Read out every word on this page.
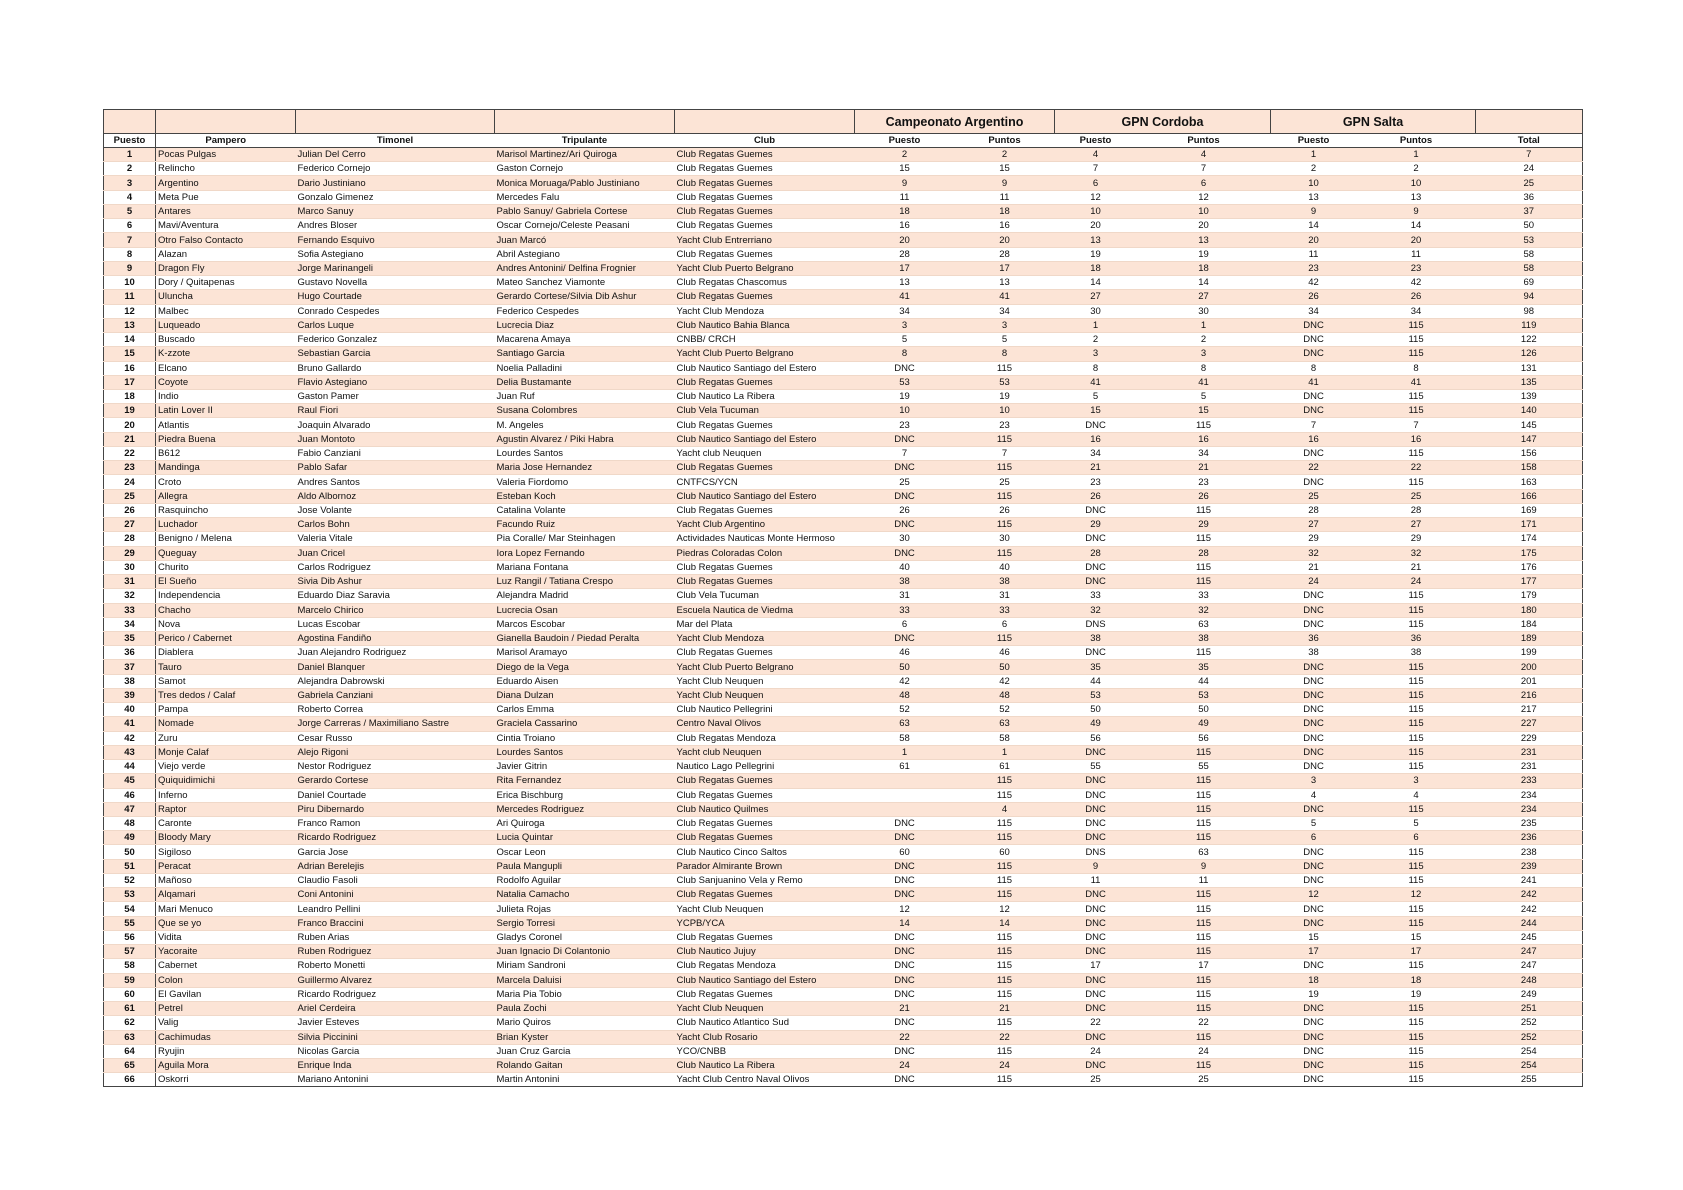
					Campeonato Argentino		GPN Cordoba		GPN Salta		
Puesto	Pampero	Timonel	Tripulante	Club	Puesto	Puntos	Puesto	Puntos	Puesto	Puntos	Total
1	Pocas Pulgas	Julian Del Cerro	Marisol Martinez/Ari Quiroga	Club Regatas Guemes	2	2	4	4	1	1	7
2	Relincho	Federico Cornejo	Gaston Cornejo	Club Regatas Guemes	15	15	7	7	2	2	24
3	Argentino	Dario Justiniano	Monica Moruaga/Pablo Justiniano	Club Regatas Guemes	9	9	6	6	10	10	25
4	Meta Pue	Gonzalo Gimenez	Mercedes Falu	Club Regatas Guemes	11	11	12	12	13	13	36
5	Antares	Marco Sanuy	Pablo Sanuy/ Gabriela Cortese	Club Regatas Guemes	18	18	10	10	9	9	37
6	Mavi/Aventura	Andres Bloser	Oscar Cornejo/Celeste Peasani	Club Regatas Guemes	16	16	20	20	14	14	50
7	Otro Falso Contacto	Fernando Esquivo	Juan Marcó	Yacht Club Entrerriano	20	20	13	13	20	20	53
8	Alazan	Sofia Astegiano	Abril Astegiano	Club Regatas Guemes	28	28	19	19	11	11	58
9	Dragon Fly	Jorge Marinangeli	Andres Antonini/ Delfina Frognier	Yacht Club Puerto Belgrano	17	17	18	18	23	23	58
10	Dory / Quitapenas	Gustavo Novella	Mateo Sanchez Viamonte	Club Regatas Chascomus	13	13	14	14	42	42	69
11	Uluncha	Hugo Courtade	Gerardo Cortese/Silvia Dib Ashur	Club Regatas Guemes	41	41	27	27	26	26	94
12	Malbec	Conrado Cespedes	Federico Cespedes	Yacht Club Mendoza	34	34	30	30	34	34	98
13	Luqueado	Carlos Luque	Lucrecia Diaz	Club Nautico Bahia Blanca	3	3	1	1	DNC	115	119
14	Buscado	Federico Gonzalez	Macarena Amaya	CNBB/ CRCH	5	5	2	2	DNC	115	122
15	K-zzote	Sebastian Garcia	Santiago Garcia	Yacht Club Puerto Belgrano	8	8	3	3	DNC	115	126
16	Elcano	Bruno Gallardo	Noelia Palladini	Club Nautico Santiago del Estero	DNC	115	8	8	8	8	131
17	Coyote	Flavio Astegiano	Delia Bustamante	Club Regatas Guemes	53	53	41	41	41	41	135
18	Indio	Gaston Pamer	Juan Ruf	Club Nautico La Ribera	19	19	5	5	DNC	115	139
19	Latin Lover II	Raul Fiori	Susana Colombres	Club Vela Tucuman	10	10	15	15	DNC	115	140
20	Atlantis	Joaquin Alvarado	M. Angeles	Club Regatas Guemes	23	23	DNC	115	7	7	145
21	Piedra Buena	Juan Montoto	Agustin Alvarez / Piki Habra	Club Nautico Santiago del Estero	DNC	115	16	16	16	16	147
22	B612	Fabio Canziani	Lourdes Santos	Yacht club Neuquen	7	7	34	34	DNC	115	156
23	Mandinga	Pablo Safar	Maria Jose Hernandez	Club Regatas Guemes	DNC	115	21	21	22	22	158
24	Croto	Andres Santos	Valeria Fiordomo	CNTFCS/YCN	25	25	23	23	DNC	115	163
25	Allegra	Aldo Albornoz	Esteban Koch	Club Nautico Santiago del Estero	DNC	115	26	26	25	25	166
26	Rasquincho	Jose Volante	Catalina Volante	Club Regatas Guemes	26	26	DNC	115	28	28	169
27	Luchador	Carlos Bohn	Facundo Ruiz	Yacht Club Argentino	DNC	115	29	29	27	27	171
28	Benigno / Melena	Valeria Vitale	Pia Coralle/ Mar Steinhagen	Actividades Nauticas Monte Hermoso	30	30	DNC	115	29	29	174
29	Queguay	Juan Cricel	Iora Lopez Fernando	Piedras Coloradas Colon	DNC	115	28	28	32	32	175
30	Churito	Carlos Rodriguez	Mariana Fontana	Club Regatas Guemes	40	40	DNC	115	21	21	176
31	El Sueño	Sivia Dib Ashur	Luz Rangil / Tatiana Crespo	Club Regatas Guemes	38	38	DNC	115	24	24	177
32	Independencia	Eduardo Diaz Saravia	Alejandra Madrid	Club Vela Tucuman	31	31	33	33	DNC	115	179
33	Chacho	Marcelo Chirico	Lucrecia Osan	Escuela Nautica de Viedma	33	33	32	32	DNC	115	180
34	Nova	Lucas Escobar	Marcos Escobar	Mar del Plata	6	6	DNS	63	DNC	115	184
35	Perico / Cabernet	Agostina Fandiño	Gianella Baudoin / Piedad Peralta	Yacht Club Mendoza	DNC	115	38	38	36	36	189
36	Diablera	Juan Alejandro Rodriguez	Marisol Aramayo	Club Regatas Guemes	46	46	DNC	115	38	38	199
37	Tauro	Daniel Blanquer	Diego de la Vega	Yacht Club Puerto Belgrano	50	50	35	35	DNC	115	200
38	Samot	Alejandra Dabrowski	Eduardo Aisen	Yacht Club Neuquen	42	42	44	44	DNC	115	201
39	Tres dedos / Calaf	Gabriela Canziani	Diana Dulzan	Yacht Club Neuquen	48	48	53	53	DNC	115	216
40	Pampa	Roberto Correa	Carlos Emma	Club Nautico Pellegrini	52	52	50	50	DNC	115	217
41	Nomade	Jorge Carreras / Maximiliano Sastre	Graciela Cassarino	Centro Naval Olivos	63	63	49	49	DNC	115	227
42	Zuru	Cesar Russo	Cintia Troiano	Club Regatas Mendoza	58	58	56	56	DNC	115	229
43	Monje Calaf	Alejo Rigoni	Lourdes Santos	Yacht club Neuquen	1	1	DNC	115	DNC	115	231
44	Viejo verde	Nestor Rodriguez	Javier Gitrin	Nautico Lago Pellegrini	61	61	55	55	DNC	115	231
45	Quiquidimichi	Gerardo Cortese	Rita Fernandez	Club Regatas Guemes		115	DNC	115	3	3	233
46	Inferno	Daniel Courtade	Erica Bischburg	Club Regatas Guemes		115	DNC	115	4	4	234
47	Raptor	Piru Dibernardo	Mercedes Rodriguez	Club Nautico Quilmes		4	DNC	115	DNC	115	234
48	Caronte	Franco Ramon	Ari Quiroga	Club Regatas Guemes	DNC	115	DNC	115	5	5	235
49	Bloody Mary	Ricardo Rodriguez	Lucia Quintar	Club Regatas Guemes	DNC	115	DNC	115	6	6	236
50	Sigiloso	Garcia Jose	Oscar Leon	Club Nautico Cinco Saltos	60	60	DNS	63	DNC	115	238
51	Peracat	Adrian Berelejis	Paula Mangupli	Parador Almirante Brown	DNC	115	9	9	DNC	115	239
52	Mañoso	Claudio Fasoli	Rodolfo Aguilar	Club Sanjuanino Vela y Remo	DNC	115	11	11	DNC	115	241
53	Alqamari	Coni Antonini	Natalia Camacho	Club Regatas Guemes	DNC	115	DNC	115	12	12	242
54	Mari Menuco	Leandro Pellini	Julieta Rojas	Yacht Club Neuquen	12	12	DNC	115	DNC	115	242
55	Que se yo	Franco Braccini	Sergio Torresi	YCPB/YCA	14	14	DNC	115	DNC	115	244
56	Vidita	Ruben Arias	Gladys Coronel	Club Regatas Guemes	DNC	115	DNC	115	15	15	245
57	Yacoraite	Ruben Rodriguez	Juan Ignacio Di Colantonio	Club Nautico Jujuy	DNC	115	DNC	115	17	17	247
58	Cabernet	Roberto Monetti	Miriam Sandroni	Club Regatas Mendoza	DNC	115	17	17	DNC	115	247
59	Colon	Guillermo Alvarez	Marcela Daluisi	Club Nautico Santiago del Estero	DNC	115	DNC	115	18	18	248
60	El Gavilan	Ricardo Rodriguez	Maria Pia Tobio	Club Regatas Guemes	DNC	115	DNC	115	19	19	249
61	Petrel	Ariel Cerdeira	Paula Zochi	Yacht Club Neuquen	21	21	DNC	115	DNC	115	251
62	Valig	Javier Esteves	Mario Quiros	Club Nautico Atlantico Sud	DNC	115	22	22	DNC	115	252
63	Cachimudas	Silvia Piccinini	Brian Kyster	Yacht Club Rosario	22	22	DNC	115	DNC	115	252
64	Ryujin	Nicolas Garcia	Juan Cruz Garcia	YCO/CNBB	DNC	115	24	24	DNC	115	254
65	Aguila Mora	Enrique Inda	Rolando Gaitan	Club Nautico La Ribera	24	24	DNC	115	DNC	115	254
66	Oskorri	Mariano Antonini	Martin Antonini	Yacht Club Centro Naval Olivos	DNC	115	25	25	DNC	115	255
